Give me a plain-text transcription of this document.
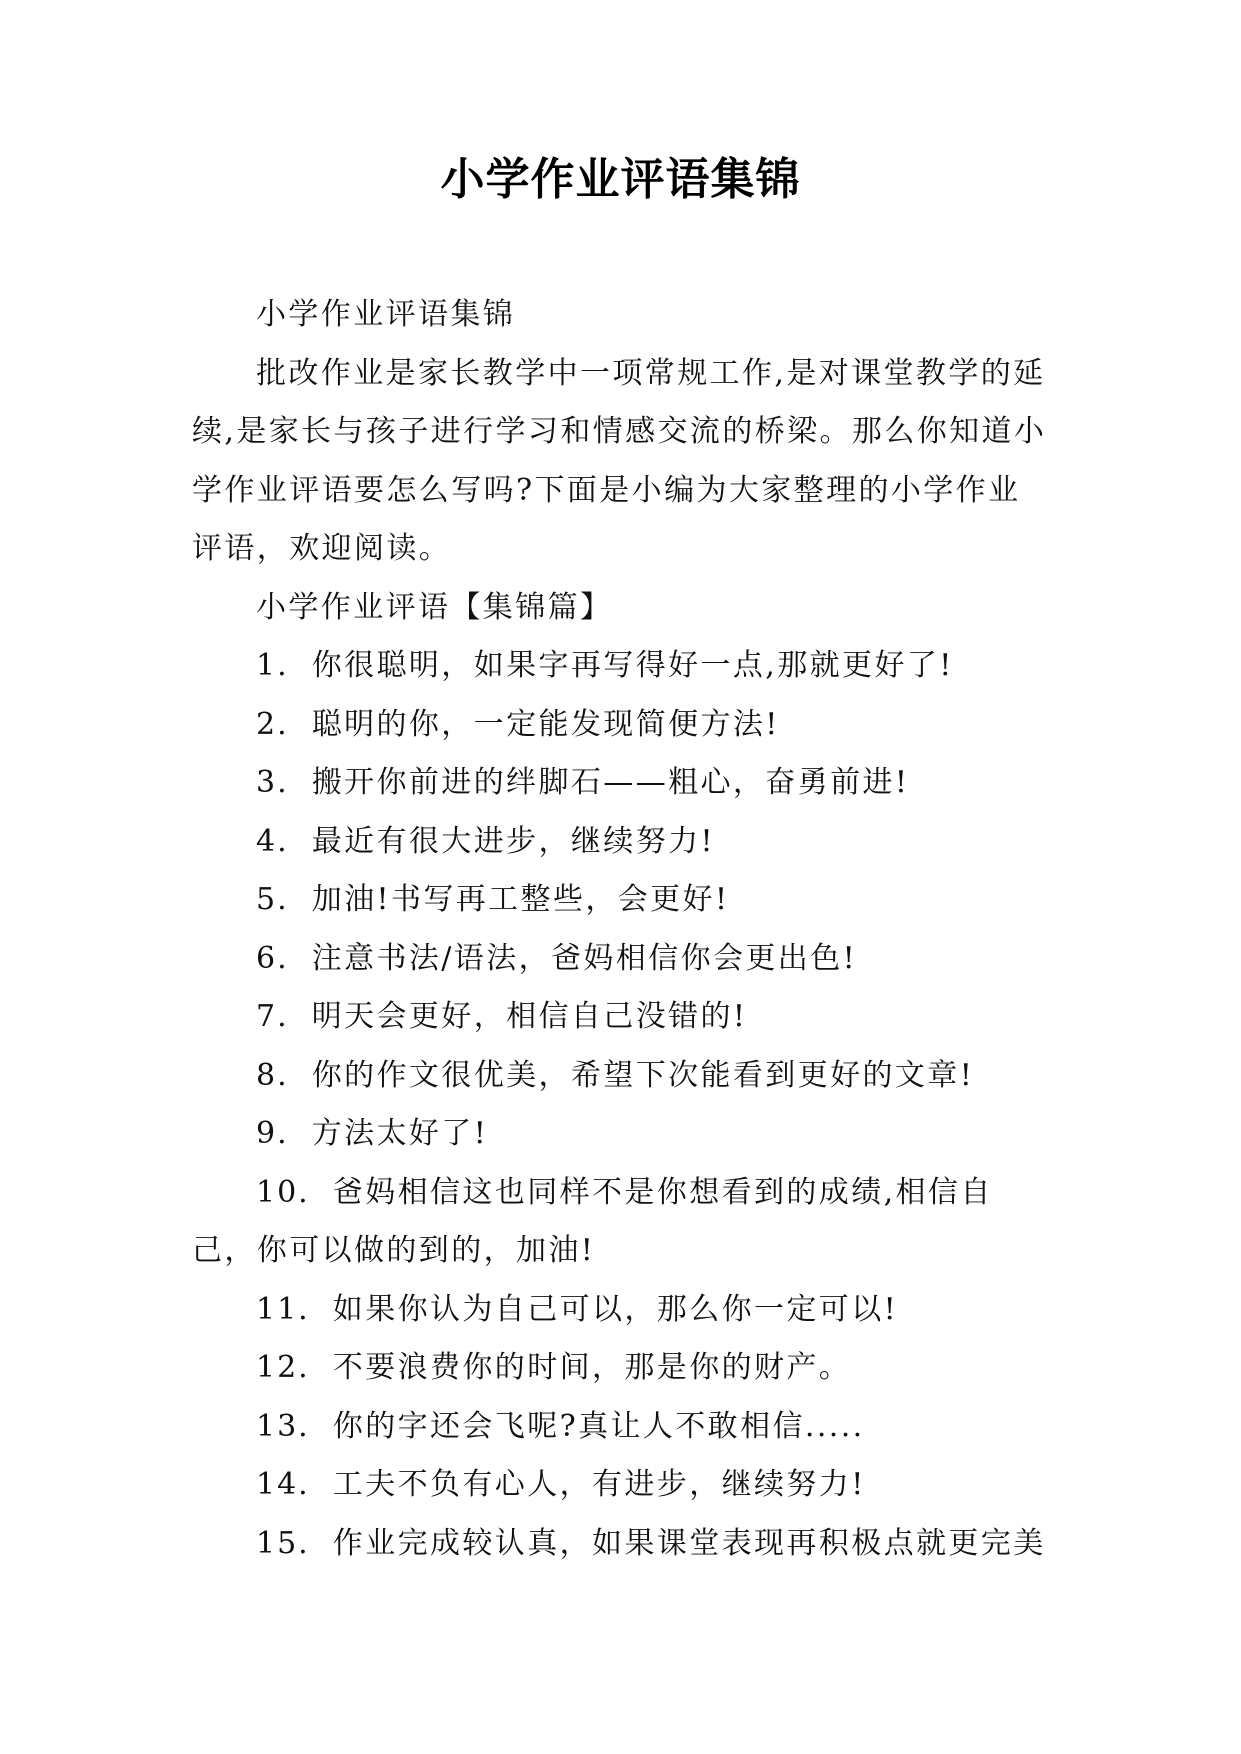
小学作业评语集锦

小学作业评语集锦

批改作业是家长教学中一项常规工作,是对课堂教学的延续,是家长与孩子进行学习和情感交流的桥梁。那么你知道小学作业评语要怎么写吗?下面是小编为大家整理的小学作业评语，欢迎阅读。

小学作业评语【集锦篇】

1. 你很聪明，如果字再写得好一点,那就更好了!
2. 聪明的你，一定能发现简便方法!
3. 搬开你前进的绊脚石——粗心，奋勇前进!
4. 最近有很大进步，继续努力!
5. 加油!书写再工整些，会更好!
6. 注意书法/语法，爸妈相信你会更出色!
7. 明天会更好，相信自己没错的!
8. 你的作文很优美，希望下次能看到更好的文章!
9. 方法太好了!
10. 爸妈相信这也同样不是你想看到的成绩,相信自己，你可以做的到的，加油!
11. 如果你认为自己可以，那么你一定可以!
12. 不要浪费你的时间，那是你的财产。
13. 你的字还会飞呢?真让人不敢相信.....
14. 工夫不负有心人，有进步，继续努力!
15. 作业完成较认真，如果课堂表现再积极点就更完美
